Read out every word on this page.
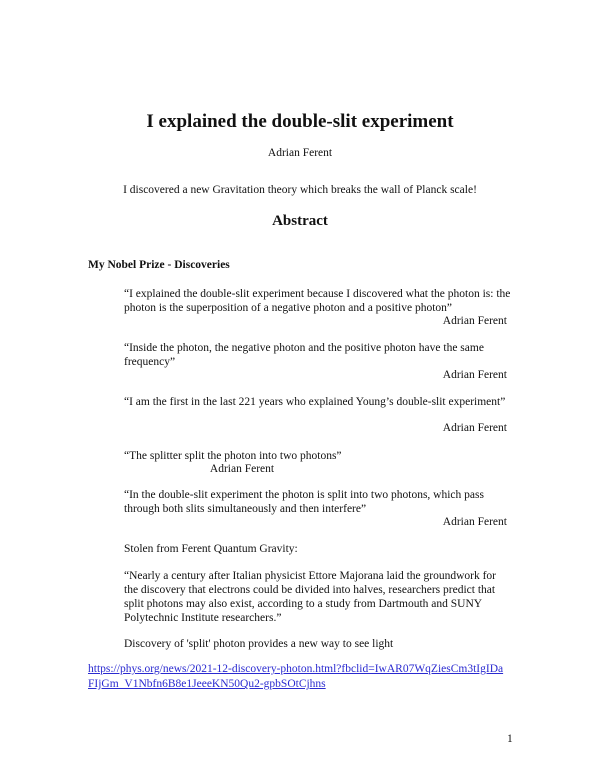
I explained the double-slit experiment
Adrian Ferent
I discovered a new Gravitation theory which breaks the wall of Planck scale!
Abstract
My Nobel Prize - Discoveries
“I explained the double-slit experiment because I discovered what the photon is: the photon is the superposition of a negative photon and a positive photon”
Adrian Ferent
“Inside the photon, the negative photon and the positive photon have the same frequency”
Adrian Ferent
“I am the first in the last 221 years who explained Young’s double-slit experiment”
Adrian Ferent
“The splitter split the photon into two photons”
Adrian Ferent
“In the double-slit experiment the photon is split into two photons, which pass through both slits simultaneously and then interfere”
Adrian Ferent
Stolen from Ferent Quantum Gravity:
“Nearly a century after Italian physicist Ettore Majorana laid the groundwork for the discovery that electrons could be divided into halves, researchers predict that split photons may also exist, according to a study from Dartmouth and SUNY Polytechnic Institute researchers.”
Discovery of 'split' photon provides a new way to see light
https://phys.org/news/2021-12-discovery-photon.html?fbclid=IwAR07WqZiesCm3tIgIDaFIjGm_V1Nbfn6B8e1JeeeKN50Qu2-gpbSOtCjhns
1
